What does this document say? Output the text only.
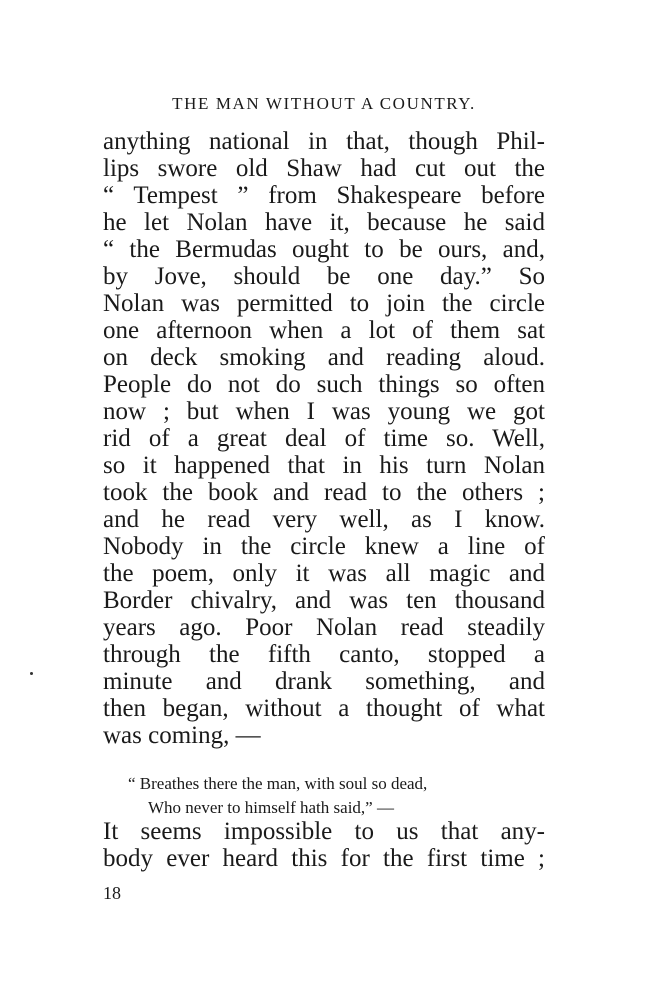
THE MAN WITHOUT A COUNTRY.
anything national in that, though Phil-
lips swore old Shaw had cut out the
“ Tempest ” from Shakespeare before
he let Nolan have it, because he said
“ the Bermudas ought to be ours, and,
by Jove, should be one day.” So
Nolan was permitted to join the circle
one afternoon when a lot of them sat
on deck smoking and reading aloud.
People do not do such things so often
now ; but when I was young we got
rid of a great deal of time so. Well,
so it happened that in his turn Nolan
took the book and read to the others ;
and he read very well, as I know.
Nobody in the circle knew a line of
the poem, only it was all magic and
Border chivalry, and was ten thousand
years ago. Poor Nolan read steadily
through the fifth canto, stopped a
minute and drank something, and
then began, without a thought of what
was coming, —
“ Breathes there the man, with soul so dead,
Who never to himself hath said,” —
It seems impossible to us that any-
body ever heard this for the first time ;
18
